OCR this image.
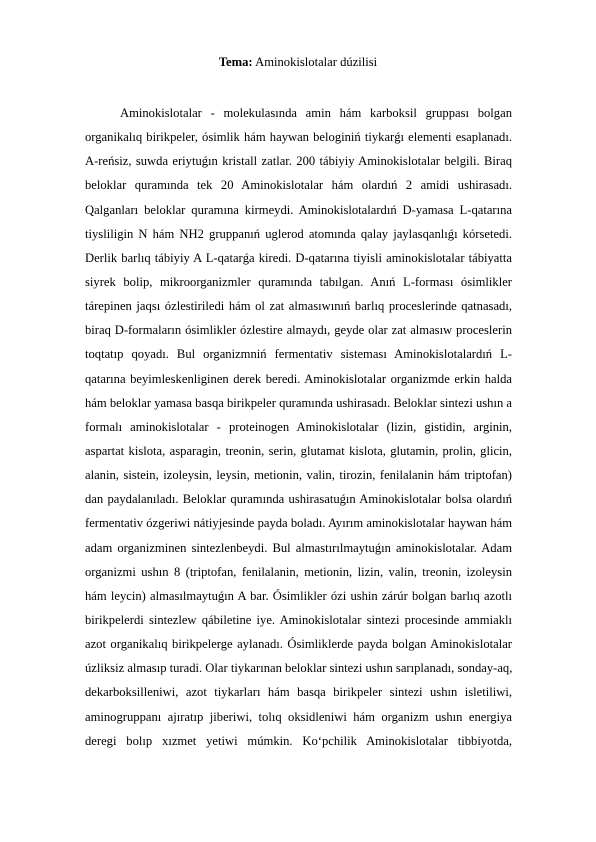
Tema: Aminokislotalar dúzilisi
Aminokislotalar - molekulasında amin hám karboksil gruppası bolgan
organikalıq birikpeler, ósimlik hám haywan beloginiń tiykarǵı elementi esaplanadı.
A-reńsiz, suwda eriytuǵın kristall zatlar. 200 tábiyiy Aminokislotalar belgili. Biraq
beloklar quramında tek 20 Aminokislotalar hám olardıń 2 amidi ushirasadı.
Qalganları beloklar quramına kirmeydi. Aminokislotalardıń D-yamasa L-qatarına
tiysliligin N hám NH2 gruppanıń uglerod atomında qalay jaylasqanlıǵı kórsetedi.
Derlik barlıq tábiyiy A L-qatarǵa kiredi. D-qatarına tiyisli aminokislotalar tábiyatta
siyrek bolip, mikroorganizmler quramında tabılgan. Anıń L-forması ósimlikler
tárepinen jaqsı ózlestiriledi hám ol zat almasıwınıń barlıq proceslerinde qatnasadı,
biraq D-formaların ósimlikler ózlestire almaydı, geyde olar zat almasıw proceslerin
toqtatıp qoyadı. Bul organizmniń fermentativ sisteması Aminokislotalardıń L-
qatarına beyimleskenliginen derek beredi. Aminokislotalar organizmde erkin halda
hám beloklar yamasa basqa birikpeler quramında ushirasadı. Beloklar sintezi ushın a
formalı aminokislotalar - proteinogen Aminokislotalar (lizin, gistidin, arginin,
aspartat kislota, asparagin, treonin, serin, glutamat kislota, glutamin, prolin, glicin,
alanin, sistein, izoleysin, leysin, metionin, valin, tirozin, fenilalanin hám triptofan)
dan paydalanıladı. Beloklar quramında ushirasatuǵın Aminokislotalar bolsa olardıń
fermentativ ózgeriwi nátiyjesinde payda boladı. Ayırım aminokislotalar haywan hám
adam organizminen sintezlenbeydi. Bul almastırılmaytuǵın aminokislotalar. Adam
organizmi ushın 8 (triptofan, fenilalanin, metionin, lizin, valin, treonin, izoleysin
hám leycin) almasılmaytuǵın A bar. Ósimlikler ózi ushin zárúr bolgan barlıq azotlı
birikpelerdi sintezlew qábiletine iye. Aminokislotalar sintezi procesinde ammiaklı
azot organikalıq birikpelerge aylanadı. Ósimliklerde payda bolgan Aminokislotalar
úzliksiz almasıp turadi. Olar tiykarınan beloklar sintezi ushın sarıplanadı, sonday-aq,
dekarboksilleniwi, azot tiykarları hám basqa birikpeler sintezi ushın isletiliwi,
aminogruppanı ajıratıp jiberiwi, tolıq oksidleniwi hám organizm ushın energiya
deregi bolıp xızmet yetiwi múmkin. Ko‘pchilik Aminokislotalar tibbiyotda,
